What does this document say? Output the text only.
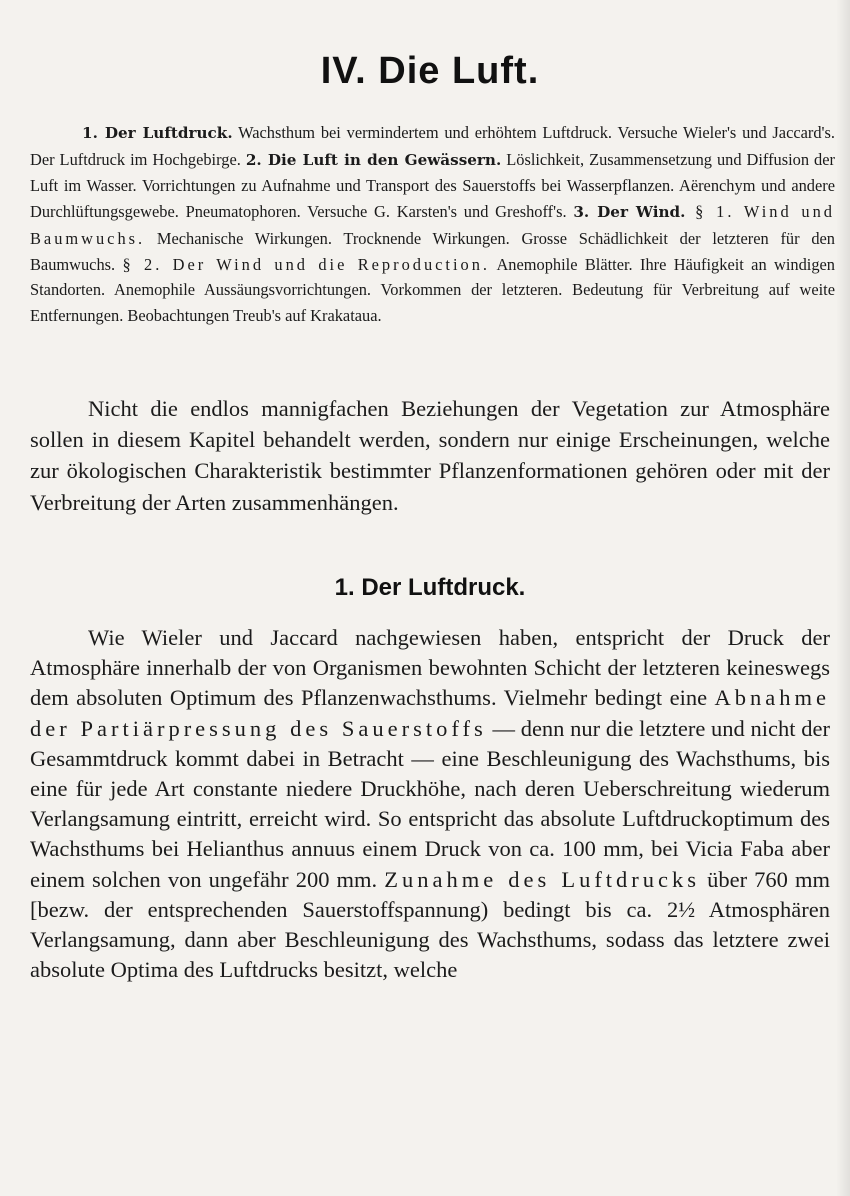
IV. Die Luft.
1. Der Luftdruck. Wachsthum bei vermindertem und erhöhtem Luftdruck. Versuche Wieler's und Jaccard's. Der Luftdruck im Hochgebirge. 2. Die Luft in den Gewässern. Löslichkeit, Zusammensetzung und Diffusion der Luft im Wasser. Vorrichtungen zu Aufnahme und Transport des Sauerstoffs bei Wasserpflanzen. Aërenchym und andere Durchlüftungsgewebe. Pneumatophoren. Versuche G. Karsten's und Greshoff's. 3. Der Wind. § 1. Wind und Baumwuchs. Mechanische Wirkungen. Trocknende Wirkungen. Grosse Schädlichkeit der letzteren für den Baumwuchs. § 2. Der Wind und die Reproduction. Anemophile Blätter. Ihre Häufigkeit an windigen Standorten. Anemophile Aussäungsvorrichtungen. Vorkommen der letzteren. Bedeutung für Verbreitung auf weite Entfernungen. Beobachtungen Treub's auf Krakataua.
Nicht die endlos mannigfachen Beziehungen der Vegetation zur Atmosphäre sollen in diesem Kapitel behandelt werden, sondern nur einige Erscheinungen, welche zur ökologischen Charakteristik bestimmter Pflanzenformationen gehören oder mit der Verbreitung der Arten zusammenhängen.
1. Der Luftdruck.
Wie Wieler und Jaccard nachgewiesen haben, entspricht der Druck der Atmosphäre innerhalb der von Organismen bewohnten Schicht der letzteren keineswegs dem absoluten Optimum des Pflanzenwachsthums. Vielmehr bedingt eine Abnahme der Partiärpressung des Sauerstoffs — denn nur die letztere und nicht der Gesammtdruck kommt dabei in Betracht — eine Beschleunigung des Wachsthums, bis eine für jede Art constante niedere Druckhöhe, nach deren Ueberschreitung wiederum Verlangsamung eintritt, erreicht wird. So entspricht das absolute Luftdruckoptimum des Wachsthums bei Helianthus annuus einem Druck von ca. 100 mm, bei Vicia Faba aber einem solchen von ungefähr 200 mm. Zunahme des Luftdrucks über 760 mm [bezw. der entsprechenden Sauerstoffspannung) bedingt bis ca. 2½ Atmosphären Verlangsamung, dann aber Beschleunigung des Wachsthums, sodass das letztere zwei absolute Optima des Luftdrucks besitzt, welche
